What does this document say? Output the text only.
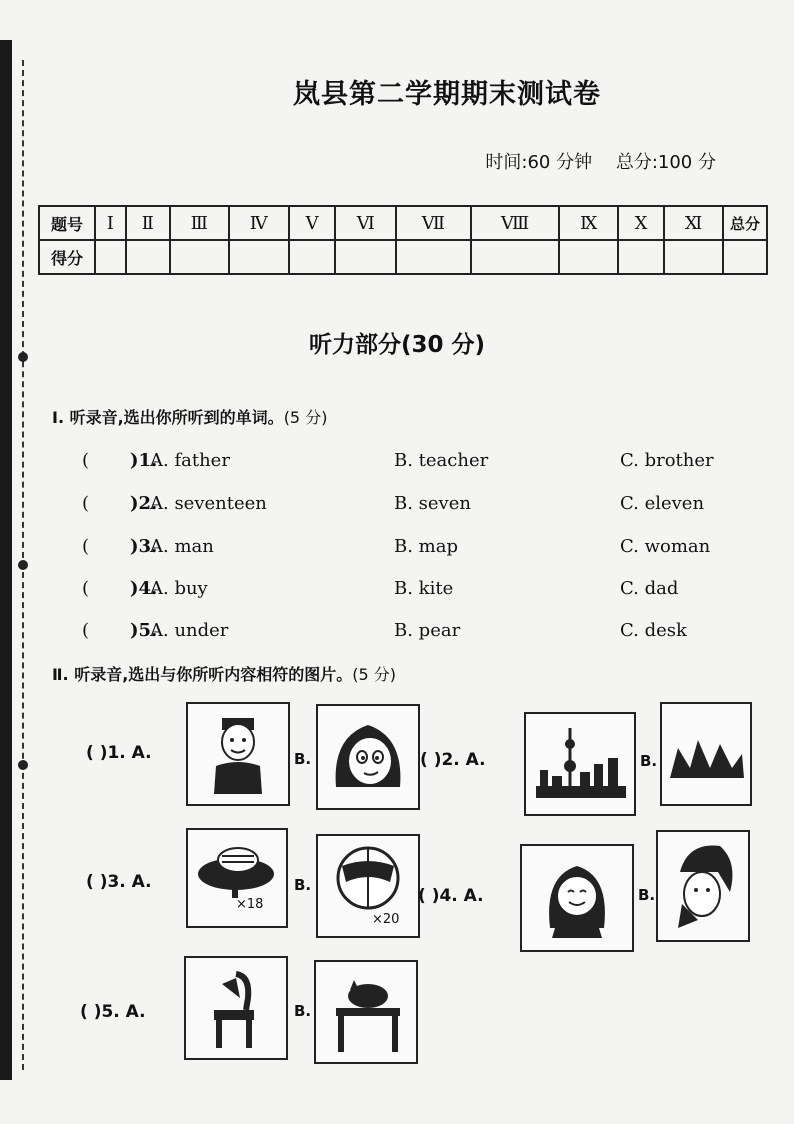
岚县第二学期期末测试卷
时间:60 分钟 总分:100 分
题号	Ⅰ	Ⅱ	Ⅲ	Ⅳ	Ⅴ	Ⅵ	Ⅶ	Ⅷ	Ⅸ	Ⅹ	Ⅺ	总分
得分												
听力部分(30 分)
Ⅰ. 听录音,选出你所听到的单词。(5 分)
( )1.
A. father	B. teacher	C. brother
( )2.
A. seventeen	B. seven	C. eleven
( )3.
A. man	B. map	C. woman
( )4.
A. buy	B. kite	C. dad
( )5.
A. under	B. pear	C. desk
Ⅱ. 听录音,选出与你所听内容相符的图片。(5 分)
( )1. A.	B.	( )2. A.	B.
( )3. A.
×18
B.
×20
( )4. A.	B.
( )5. A.	B.
